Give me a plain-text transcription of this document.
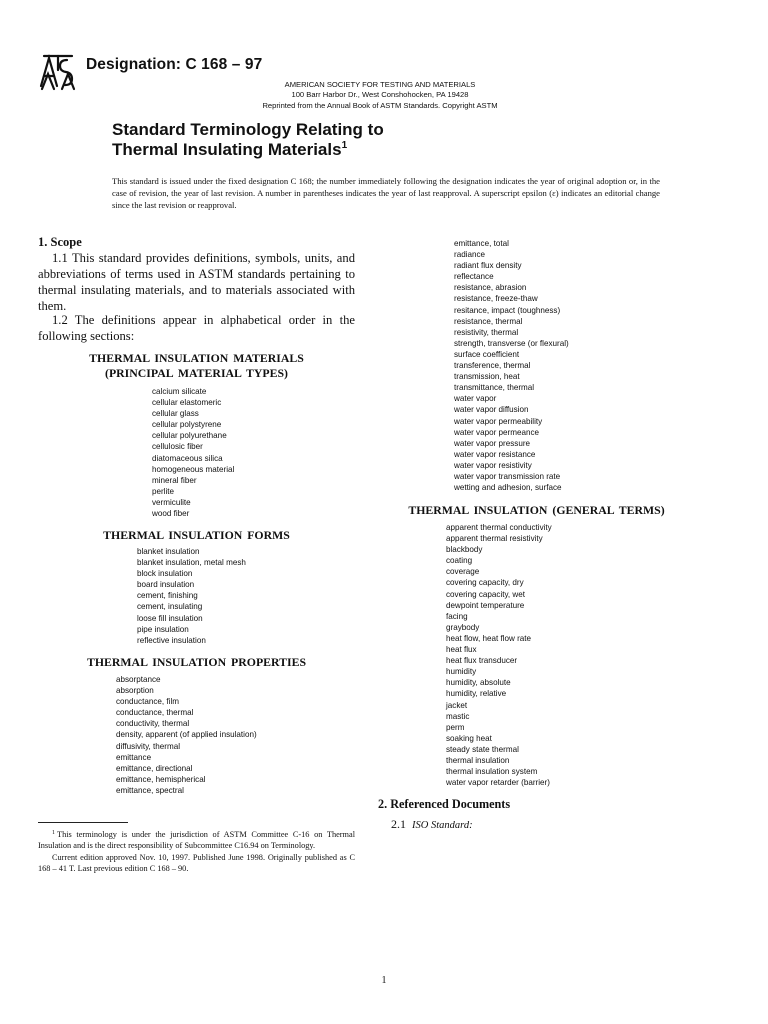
Designation: C 168 – 97
AMERICAN SOCIETY FOR TESTING AND MATERIALS
100 Barr Harbor Dr., West Conshohocken, PA 19428
Reprinted from the Annual Book of ASTM Standards. Copyright ASTM
Standard Terminology Relating to
Thermal Insulating Materials$^1$
This standard is issued under the fixed designation C 168; the number immediately following the designation indicates the year of original adoption or, in the case of revision, the year of last revision. A number in parentheses indicates the year of last reapproval. A superscript epsilon (ε) indicates an editorial change since the last revision or reapproval.
1. Scope
1.1 This standard provides definitions, symbols, units, and abbreviations of terms used in ASTM standards pertaining to thermal insulating materials, and to materials associated with them.
1.2 The definitions appear in alphabetical order in the following sections:
THERMAL INSULATION MATERIALS
(PRINCIPAL MATERIAL TYPES)
calcium silicate
cellular elastomeric
cellular glass
cellular polystyrene
cellular polyurethane
cellulosic fiber
diatomaceous silica
homogeneous material
mineral fiber
perlite
vermiculite
wood fiber
THERMAL INSULATION FORMS
blanket insulation
blanket insulation, metal mesh
block insulation
board insulation
cement, finishing
cement, insulating
loose fill insulation
pipe insulation
reflective insulation
THERMAL INSULATION PROPERTIES
absorptance
absorption
conductance, film
conductance, thermal
conductivity, thermal
density, apparent (of applied insulation)
diffusivity, thermal
emittance
emittance, directional
emittance, hemispherical
emittance, spectral

$^1$ This terminology is under the jurisdiction of ASTM Committee C-16 on Thermal Insulation and is the direct responsibility of Subcommittee C16.94 on Terminology.

Current edition approved Nov. 10, 1997. Published June 1998. Originally published as C 168 – 41 T. Last previous edition C 168 – 90.

emittance, total
radiance
radiant flux density
reflectance
resistance, abrasion
resistance, freeze-thaw
resitance, impact (toughness)
resistance, thermal
resistivity, thermal
strength, transverse (or flexural)
surface coefficient
transference, thermal
transmission, heat
transmittance, thermal
water vapor
water vapor diffusion
water vapor permeability
water vapor permeance
water vapor pressure
water vapor resistance
water vapor resistivity
water vapor transmission rate
wetting and adhesion, surface
THERMAL INSULATION (GENERAL TERMS)
apparent thermal conductivity
apparent thermal resistivity
blackbody
coating
coverage
covering capacity, dry
covering capacity, wet
dewpoint temperature
facing
graybody
heat flow, heat flow rate
heat flux
heat flux transducer
humidity
humidity, absolute
humidity, relative
jacket
mastic
perm
soaking heat
steady state thermal
thermal insulation
thermal insulation system
water vapor retarder (barrier)
2. Referenced Documents
2.1 ISO Standard:
1
